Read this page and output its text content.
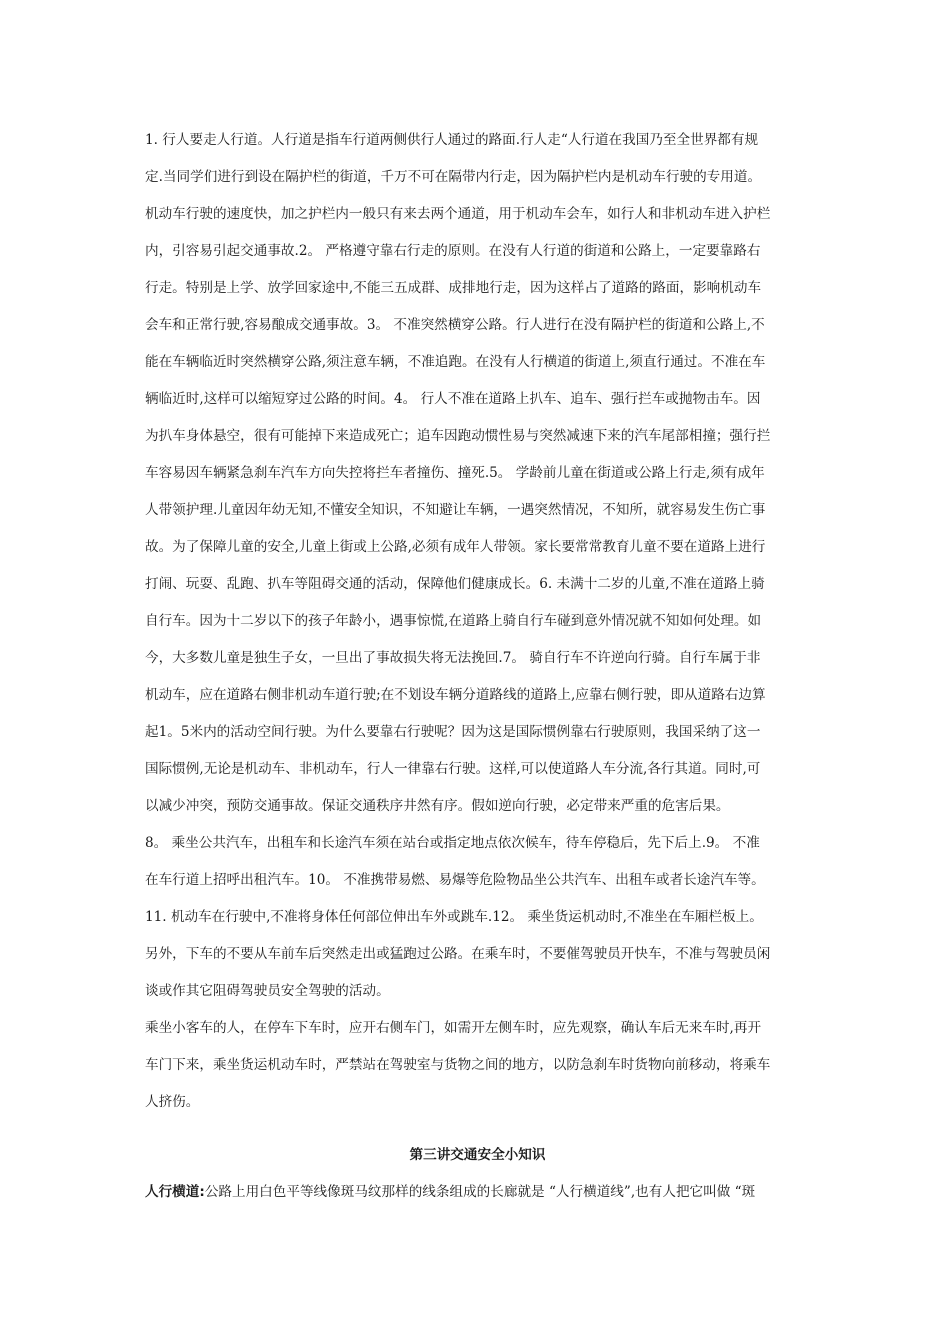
1. 行人要走人行道。人行道是指车行道两侧供行人通过的路面.行人走“人行道在我国乃至全世界都有规
定.当同学们进行到设在隔护栏的街道，千万不可在隔带内行走，因为隔护栏内是机动车行驶的专用道。
机动车行驶的速度快，加之护栏内一般只有来去两个通道，用于机动车会车，如行人和非机动车进入护栏
内，引容易引起交通事故.2。 严格遵守靠右行走的原则。在没有人行道的街道和公路上，一定要靠路右
行走。特别是上学、放学回家途中,不能三五成群、成排地行走，因为这样占了道路的路面，影响机动车
会车和正常行驶,容易酿成交通事故。3。 不准突然横穿公路。行人进行在没有隔护栏的街道和公路上,不
能在车辆临近时突然横穿公路,须注意车辆，不准追跑。在没有人行横道的街道上,须直行通过。不准在车
辆临近时,这样可以缩短穿过公路的时间。4。 行人不准在道路上扒车、追车、强行拦车或抛物击车。因
为扒车身体悬空，很有可能掉下来造成死亡；追车因跑动惯性易与突然减速下来的汽车尾部相撞；强行拦
车容易因车辆紧急刹车汽车方向失控将拦车者撞伤、撞死.5。 学龄前儿童在街道或公路上行走,须有成年
人带领护理.儿童因年幼无知,不懂安全知识，不知避让车辆，一遇突然情况，不知所，就容易发生伤亡事
故。为了保障儿童的安全,儿童上街或上公路,必须有成年人带领。家长要常常教育儿童不要在道路上进行
打闹、玩耍、乱跑、扒车等阻碍交通的活动，保障他们健康成长。6. 未满十二岁的儿童,不准在道路上骑
自行车。因为十二岁以下的孩子年龄小，遇事惊慌,在道路上骑自行车碰到意外情况就不知如何处理。如
今，大多数儿童是独生子女，一旦出了事故损失将无法挽回.7。 骑自行车不许逆向行骑。自行车属于非
机动车，应在道路右侧非机动车道行驶;在不划设车辆分道路线的道路上,应靠右侧行驶，即从道路右边算
起1。5米内的活动空间行驶。为什么要靠右行驶呢？因为这是国际惯例靠右行驶原则，我国采纳了这一
国际惯例,无论是机动车、非机动车，行人一律靠右行驶。这样,可以使道路人车分流,各行其道。同时,可
以减少冲突，预防交通事故。保证交通秩序井然有序。假如逆向行驶，必定带来严重的危害后果。
8。 乘坐公共汽车，出租车和长途汽车须在站台或指定地点依次候车，待车停稳后，先下后上.9。 不准
在车行道上招呼出租汽车。10。 不准携带易燃、易爆等危险物品坐公共汽车、出租车或者长途汽车等。
11. 机动车在行驶中,不准将身体任何部位伸出车外或跳车.12。 乘坐货运机动时,不准坐在车厢栏板上。
另外，下车的不要从车前车后突然走出或猛跑过公路。在乘车时，不要催驾驶员开快车，不准与驾驶员闲
谈或作其它阻碍驾驶员安全驾驶的活动。
乘坐小客车的人，在停车下车时，应开右侧车门，如需开左侧车时，应先观察，确认车后无来车时,再开
车门下来，乘坐货运机动车时，严禁站在驾驶室与货物之间的地方，以防急刹车时货物向前移动，将乘车
人挤伤。
第三讲交通安全小知识
人行横道:公路上用白色平等线像斑马纹那样的线条组成的长廊就是 “人行横道线”,也有人把它叫做 “斑
